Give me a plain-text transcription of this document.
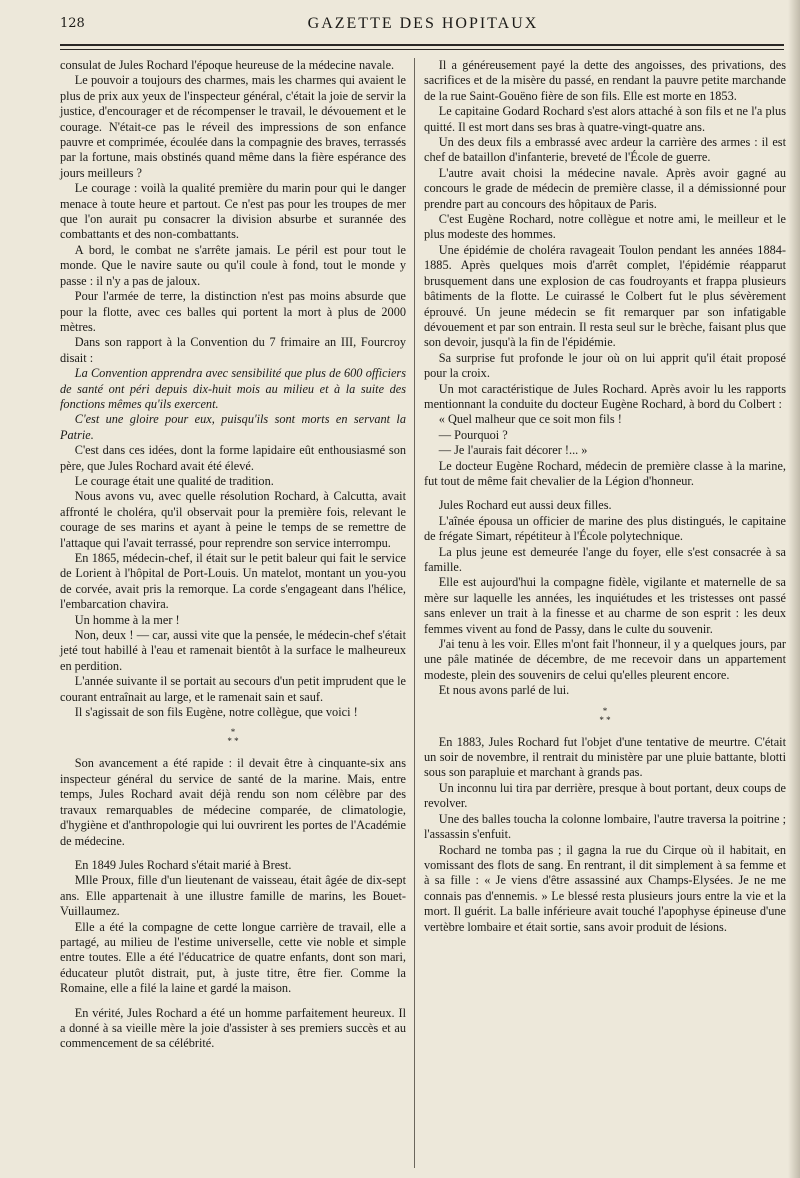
128	GAZETTE DES HOPITAUX

consulat de Jules Rochard l'époque heureuse de la médecine navale.

Le pouvoir a toujours des charmes, mais les charmes qui avaient le plus de prix aux yeux de l'inspecteur général, c'était la joie de servir la justice, d'encourager et de récompenser le travail, le dévouement et le courage. N'était-ce pas le réveil des impressions de son enfance pauvre et comprimée, écoulée dans la compagnie des braves, terrassés par la fortune, mais obstinés quand même dans la fière espérance des jours meilleurs ?

Le courage : voilà la qualité première du marin pour qui le danger menace à toute heure et partout. Ce n'est pas pour les troupes de mer que l'on aurait pu consacrer la division absurbe et surannée des combattants et des non-combattants.

A bord, le combat ne s'arrête jamais. Le péril est pour tout le monde. Que le navire saute ou qu'il coule à fond, tout le monde y passe : il n'y a pas de jaloux.

Pour l'armée de terre, la distinction n'est pas moins absurde que pour la flotte, avec ces balles qui portent la mort à plus de 2000 mètres.

Dans son rapport à la Convention du 7 frimaire an III, Fourcroy disait :

La Convention apprendra avec sensibilité que plus de 600 officiers de santé ont péri depuis dix-huit mois au milieu et à la suite des fonctions mêmes qu'ils exercent.

C'est une gloire pour eux, puisqu'ils sont morts en servant la Patrie.

C'est dans ces idées, dont la forme lapidaire eût enthousiasmé son père, que Jules Rochard avait été élevé.

Le courage était une qualité de tradition.

Nous avons vu, avec quelle résolution Rochard, à Calcutta, avait affronté le choléra, qu'il observait pour la première fois, relevant le courage de ses marins et ayant à peine le temps de se remettre de l'attaque qui l'avait terrassé, pour reprendre son service interrompu.

En 1865, médecin-chef, il était sur le petit baleur qui fait le service de Lorient à l'hôpital de Port-Louis. Un matelot, montant un you-you de corvée, avait pris la remorque. La corde s'engageant dans l'hélice, l'embarcation chavira.

Un homme à la mer !

Non, deux ! — car, aussi vite que la pensée, le médecin-chef s'était jeté tout habillé à l'eau et ramenait bientôt à la surface le malheureux en perdition.

L'année suivante il se portait au secours d'un petit imprudent que le courant entraînait au large, et le ramenait sain et sauf.

Il s'agissait de son fils Eugène, notre collègue, que voici !

*
* *

Son avancement a été rapide : il devait être à cinquante-six ans inspecteur général du service de santé de la marine. Mais, entre temps, Jules Rochard avait déjà rendu son nom célèbre par des travaux remarquables de médecine comparée, de climatologie, d'hygiène et d'anthropologie qui lui ouvrirent les portes de l'Académie de médecine.

En 1849 Jules Rochard s'était marié à Brest.

Mlle Proux, fille d'un lieutenant de vaisseau, était âgée de dix-sept ans. Elle appartenait à une illustre famille de marins, les Bouet-Vuillaumez.

Elle a été la compagne de cette longue carrière de travail, elle a partagé, au milieu de l'estime universelle, cette vie noble et simple entre toutes. Elle a été l'éducatrice de quatre enfants, dont son mari, éducateur plutôt distrait, put, à juste titre, être fier. Comme la Romaine, elle a filé la laine et gardé la maison.

En vérité, Jules Rochard a été un homme parfaitement heureux. Il a donné à sa vieille mère la joie d'assister à ses premiers succès et au commencement de sa célébrité.

Il a généreusement payé la dette des angoisses, des privations, des sacrifices et de la misère du passé, en rendant la pauvre petite marchande de la rue Saint-Gouëno fière de son fils. Elle est morte en 1853.

Le capitaine Godard Rochard s'est alors attaché à son fils et ne l'a plus quitté. Il est mort dans ses bras à quatre-vingt-quatre ans.

Un des deux fils a embrassé avec ardeur la carrière des armes : il est chef de bataillon d'infanterie, breveté de l'École de guerre.

L'autre avait choisi la médecine navale. Après avoir gagné au concours le grade de médecin de première classe, il a démissionné pour prendre part au concours des hôpitaux de Paris.

C'est Eugène Rochard, notre collègue et notre ami, le meilleur et le plus modeste des hommes.

Une épidémie de choléra ravageait Toulon pendant les années 1884-1885. Après quelques mois d'arrêt complet, l'épidémie réapparut brusquement dans une explosion de cas foudroyants et frappa plusieurs bâtiments de la flotte. Le cuirassé le Colbert fut le plus sévèrement éprouvé. Un jeune médecin se fit remarquer par son infatigable dévouement et par son entrain. Il resta seul sur le brèche, faisant plus que son devoir, jusqu'à la fin de l'épidémie.

Sa surprise fut profonde le jour où on lui apprit qu'il était proposé pour la croix.

Un mot caractéristique de Jules Rochard. Après avoir lu les rapports mentionnant la conduite du docteur Eugène Rochard, à bord du Colbert :

« Quel malheur que ce soit mon fils !

— Pourquoi ?

— Je l'aurais fait décorer !... »

Le docteur Eugène Rochard, médecin de première classe à la marine, fut tout de même fait chevalier de la Légion d'honneur.

Jules Rochard eut aussi deux filles.

L'aînée épousa un officier de marine des plus distingués, le capitaine de frégate Simart, répétiteur à l'École polytechnique.

La plus jeune est demeurée l'ange du foyer, elle s'est consacrée à sa famille.

Elle est aujourd'hui la compagne fidèle, vigilante et maternelle de sa mère sur laquelle les années, les inquiétudes et les tristesses ont passé sans enlever un trait à la finesse et au charme de son esprit : les deux femmes vivent au fond de Passy, dans le culte du souvenir.

J'ai tenu à les voir. Elles m'ont fait l'honneur, il y a quelques jours, par une pâle matinée de décembre, de me recevoir dans un appartement modeste, plein des souvenirs de celui qu'elles pleurent encore.

Et nous avons parlé de lui.

*
* *

En 1883, Jules Rochard fut l'objet d'une tentative de meurtre. C'était un soir de novembre, il rentrait du ministère par une pluie battante, blotti sous son parapluie et marchant à grands pas.

Un inconnu lui tira par derrière, presque à bout portant, deux coups de revolver.

Une des balles toucha la colonne lombaire, l'autre traversa la poitrine ; l'assassin s'enfuit.

Rochard ne tomba pas ; il gagna la rue du Cirque où il habitait, en vomissant des flots de sang. En rentrant, il dit simplement à sa femme et à sa fille : « Je viens d'être assassiné aux Champs-Elysées. Je ne me connais pas d'ennemis. » Le blessé resta plusieurs jours entre la vie et la mort. Il guérit. La balle inférieure avait touché l'apophyse épineuse d'une vertèbre lombaire et était sortie, sans avoir produit de lésions.
